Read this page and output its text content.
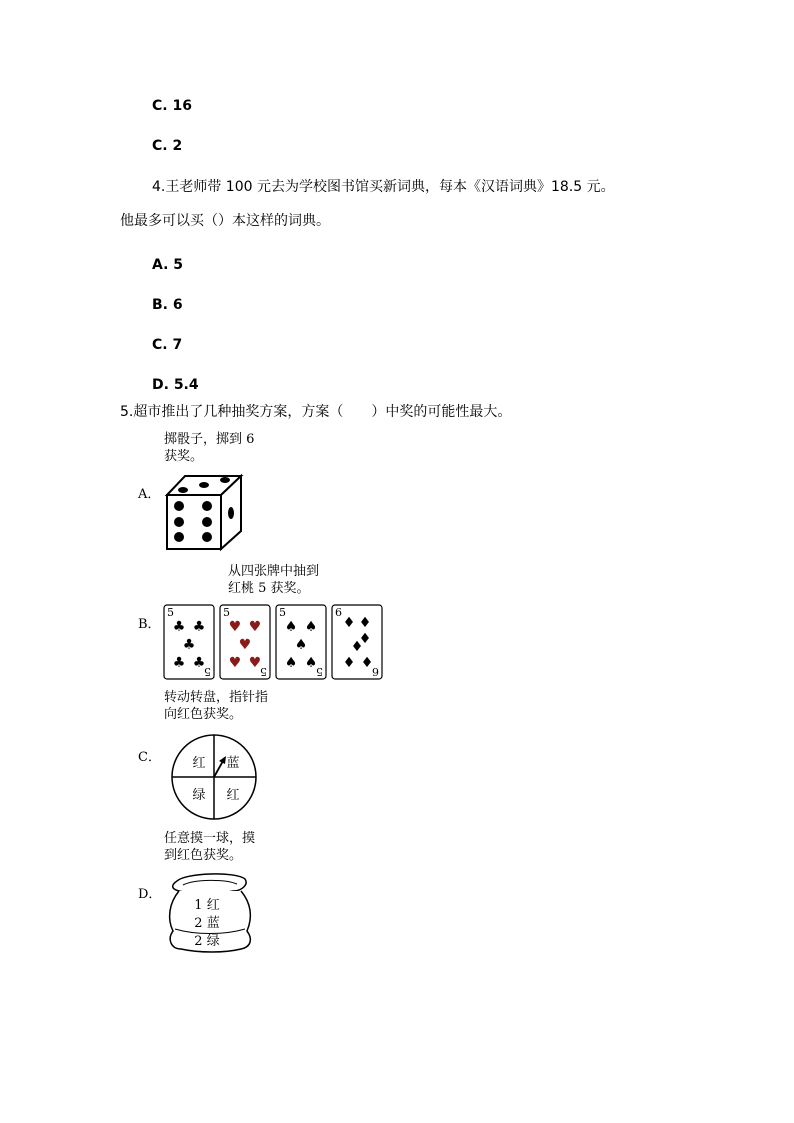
C. 16
C. 2
4.王老师带 100 元去为学校图书馆买新词典，每本《汉语词典》18.5 元。
他最多可以买（）本这样的词典。
A. 5
B. 6
C. 7
D. 5.4
5.超市推出了几种抽奖方案，方案（　　）中奖的可能性最大。
掷骰子，掷到 6
获奖。
A．
从四张牌中抽到
红桃 5 获奖。
B．
5
5
♣ ♣
♣
♣ ♣
5
5
♥ ♥
♥
♥ ♥
5
5
♠ ♠
♠
♠ ♠
6
6
♦
♦
♦
♦ ♦
♦
转动转盘，指针指
向红色获奖。
C． 红 蓝
绿 红
任意摸一球，摸
到红色获奖。
D．
1 红
2 蓝
2 绿
